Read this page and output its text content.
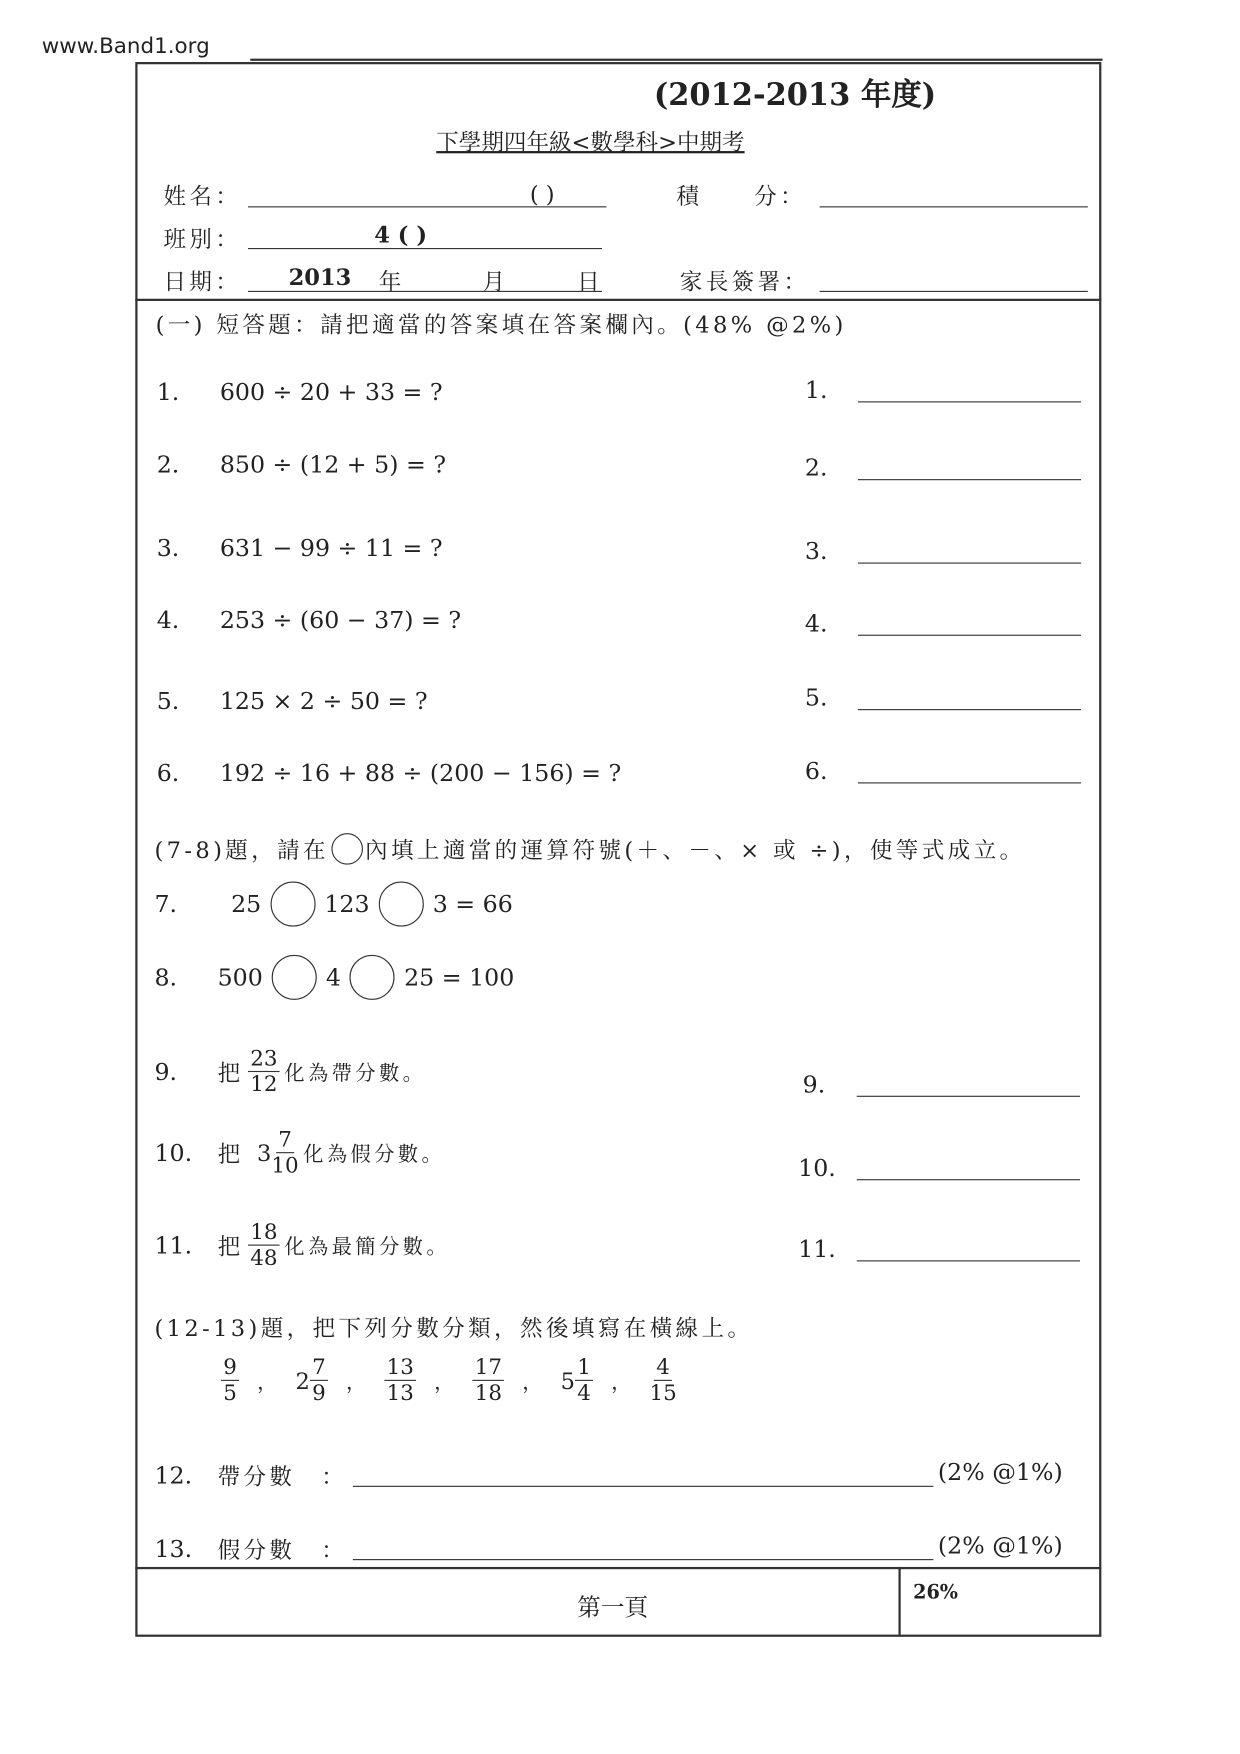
www.Band1.org
(2012-2013 年度)
下學期四年級<數學科>中期考
姓名：	( )	積　　分：
班別：	4 ( )
日期： 2013 年	月	日	家長簽署：
(一) 短答題：請把適當的答案填在答案欄內。(48% @2%)
1.	600 ÷ 20 + 33 = ?	1.
2.	850 ÷ (12 + 5) = ?	2.
3.	631 − 99 ÷ 11 = ?	3.
4.	253 ÷ (60 − 37) = ?	4.
5.	125 × 2 ÷ 50 = ?	5.
6.	192 ÷ 16 + 88 ÷ (200 − 156) = ?	6.
(7-8)題，請在 內填上適當的運算符號(＋、－、× 或 ÷)，使等式成立。
7.	25	123	3 = 66
8.	500	4	25 = 100
9.	把 $\frac{23}{12}$ 化為帶分數。	9.
10.	把 $3 \frac{7}{10}$ 化為假分數。	10.
11.	把 $\frac{18}{48}$ 化為最簡分數。	11.
(12-13)題，把下列分數分類，然後填寫在橫線上。
$\frac{9}{5}$ ， $2 \frac{7}{9}$ ， $\frac{13}{13}$ ， $\frac{17}{18}$ ， $5 \frac{1}{4}$ ， $\frac{4}{15}$
12.	帶分數　：	(2% @1%)
13.	假分數　：	(2% @1%)
26%
第一頁
